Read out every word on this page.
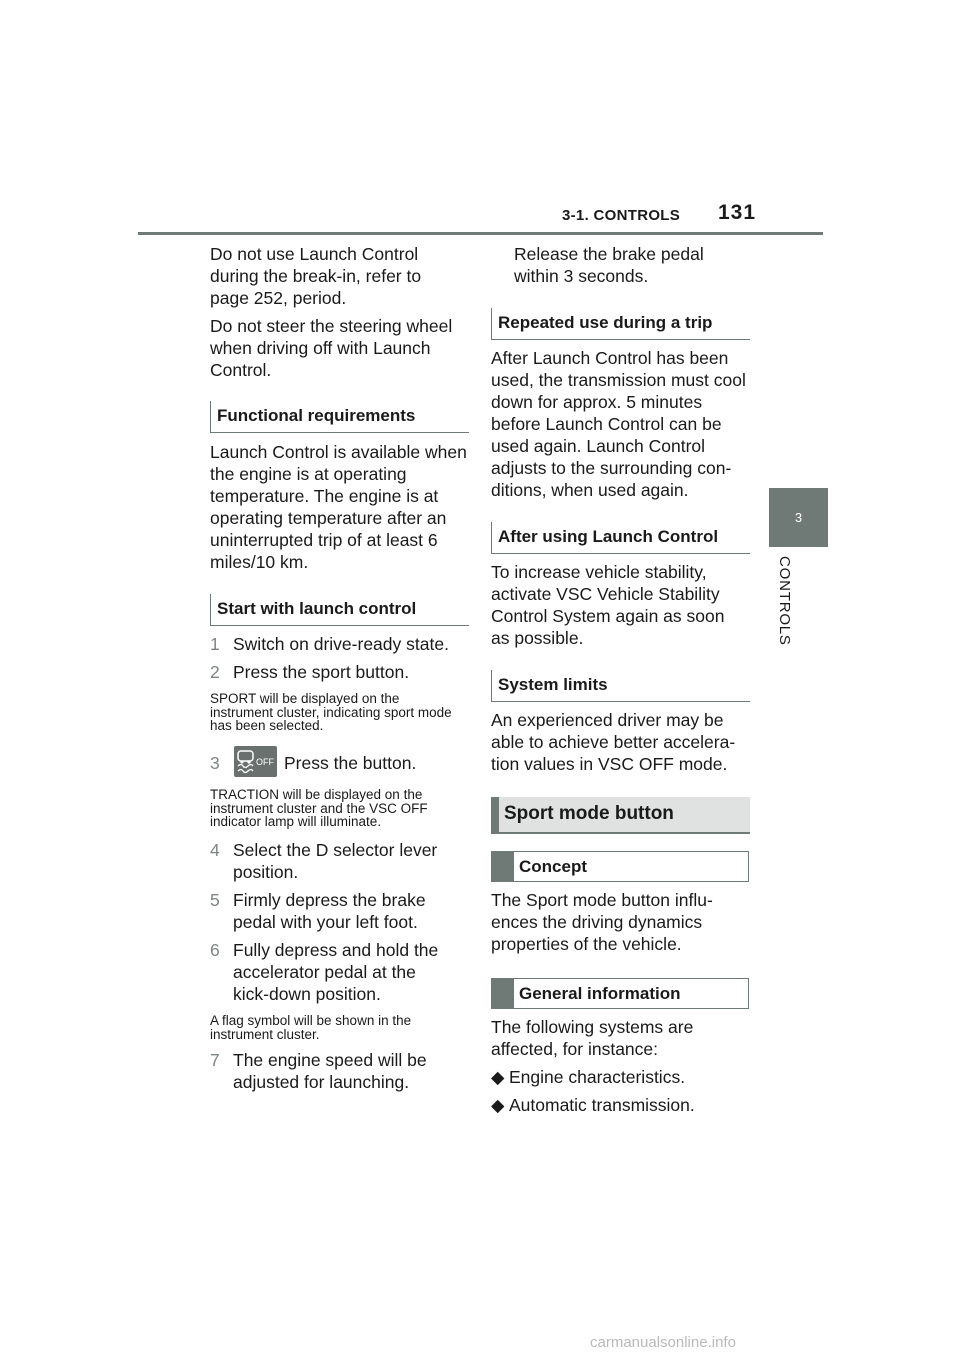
3-1. CONTROLS 131
3
CONTROLS

Do not use Launch Control during the break-in, refer to page 252, period.

Do not steer the steering wheel when driving off with Launch Control.

Functional requirements

Launch Control is available when the engine is at operating temperature. The engine is at operating temperature after an uninterrupted trip of at least 6 miles/10 km.

Start with launch control
1 Switch on drive-ready state.
2 Press the sport button.

SPORT will be displayed on the instrument cluster, indicating sport mode has been selected.

3	OFF Press the button.

TRACTION will be displayed on the instrument cluster and the VSC OFF indicator lamp will illuminate.

4 Select the D selector lever position.
5 Firmly depress the brake pedal with your left foot.
6 Fully depress and hold the accelerator pedal at the kick-down position.

A flag symbol will be shown in the instrument cluster.

7 The engine speed will be adjusted for launching.

Release the brake pedal within 3 seconds.

Repeated use during a trip

After Launch Control has been used, the transmission must cool down for approx. 5 minutes before Launch Control can be used again. Launch Control adjusts to the surrounding con-ditions, when used again.

After using Launch Control

To increase vehicle stability, activate VSC Vehicle Stability Control System again as soon as possible.

System limits

An experienced driver may be able to achieve better accelera-tion values in VSC OFF mode.

Sport mode button
Concept

The Sport mode button influ-ences the driving dynamics properties of the vehicle.

General information

The following systems are affected, for instance:

◆ Engine characteristics.
◆ Automatic transmission.
carmanualsonline.info
